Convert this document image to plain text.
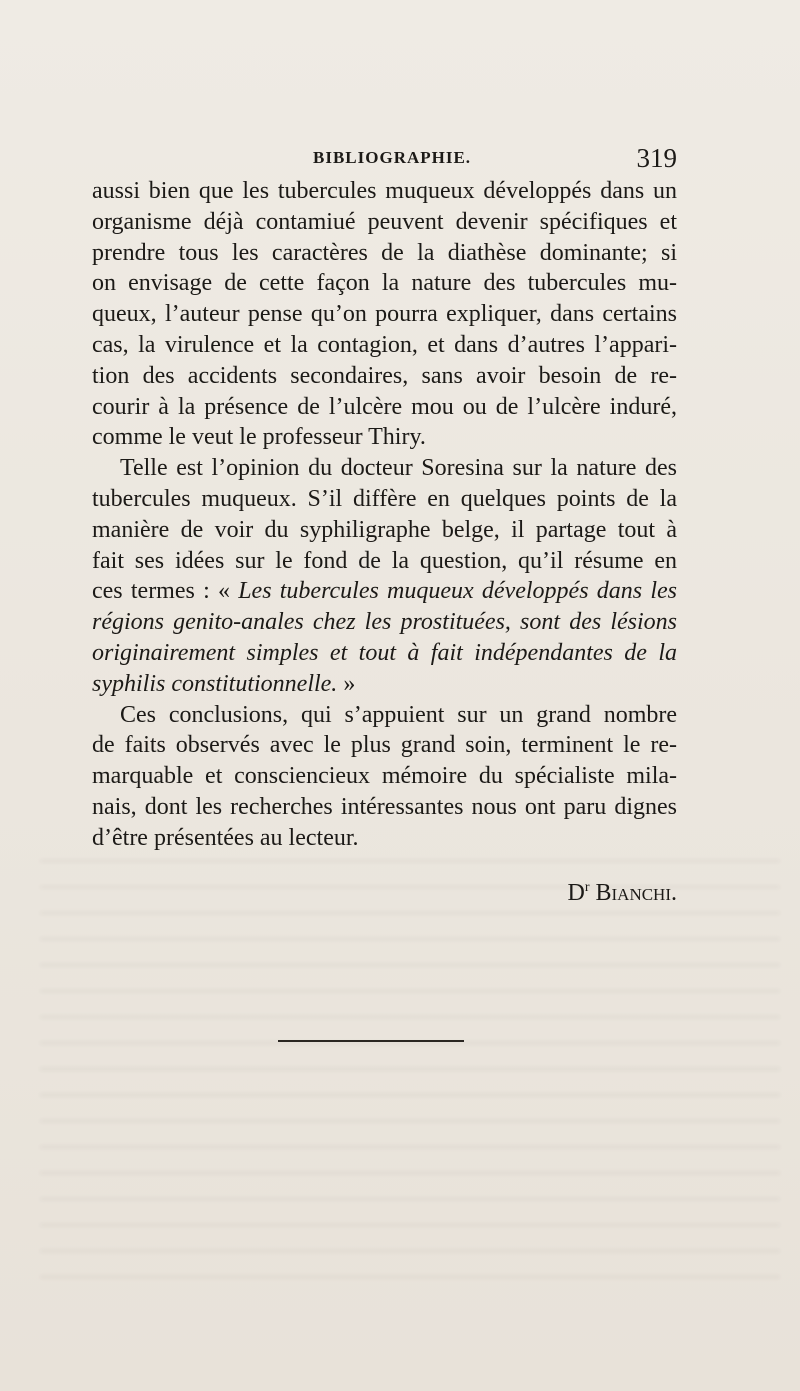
BIBLIOGRAPHIE.	319

aussi bien que les tubercules muqueux développés dans un
organisme déjà contamiué peuvent devenir spécifiques et
prendre tous les caractères de la diathèse dominante; si
on envisage de cette façon la nature des tubercules mu-
queux, l’auteur pense qu’on pourra expliquer, dans certains
cas, la virulence et la contagion, et dans d’autres l’appari-
tion des accidents secondaires, sans avoir besoin de re-
courir à la présence de l’ulcère mou ou de l’ulcère induré,
comme le veut le professeur Thiry.

Telle est l’opinion du docteur Soresina sur la nature des
tubercules muqueux. S’il diffère en quelques points de la
manière de voir du syphiligraphe belge, il partage tout à
fait ses idées sur le fond de la question, qu’il résume en
ces termes : « Les tubercules muqueux développés dans les
régions genito-anales chez les prostituées, sont des lésions
originairement simples et tout à fait indépendantes de la
syphilis constitutionnelle. »

Ces conclusions, qui s’appuient sur un grand nombre
de faits observés avec le plus grand soin, terminent le re-
marquable et consciencieux mémoire du spécialiste mila-
nais, dont les recherches intéressantes nous ont paru dignes
d’être présentées au lecteur.

$D^r$ Bianchi.
